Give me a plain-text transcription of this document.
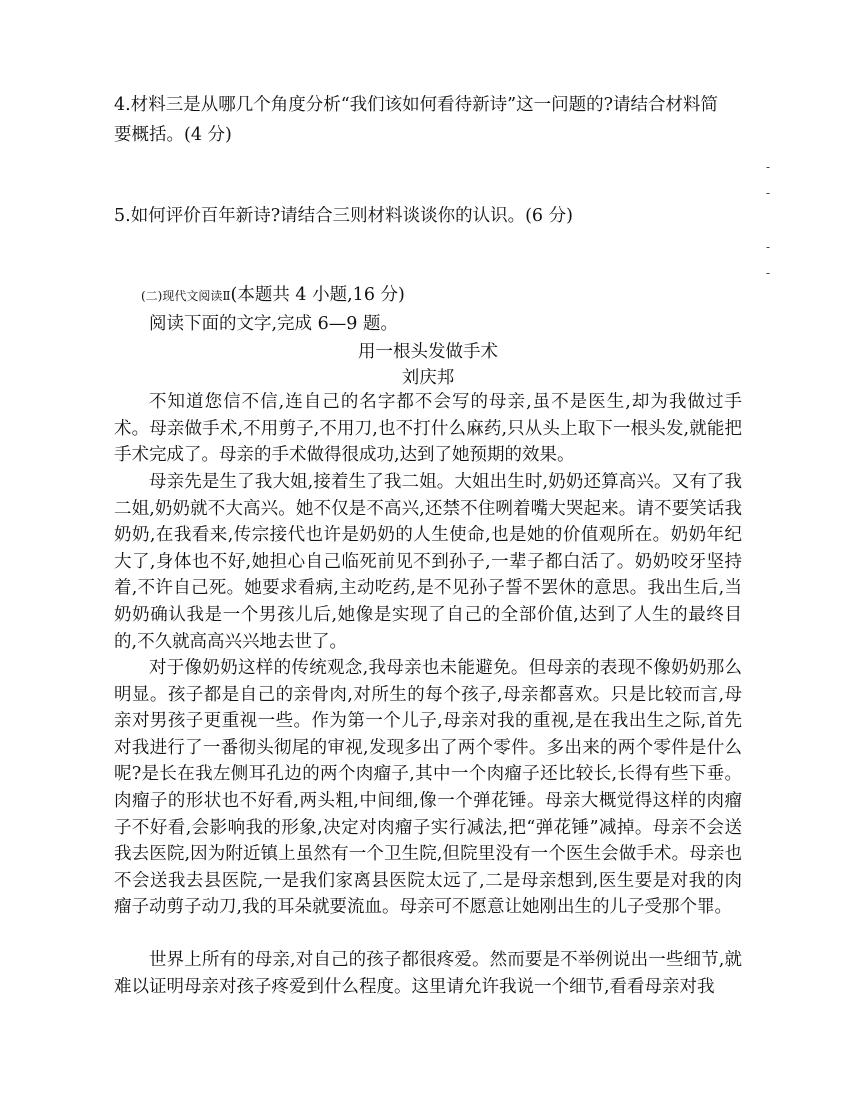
4.材料三是从哪几个角度分析“我们该如何看待新诗”这一问题的?请结合材料简
要概括。(4 分)
-
-
5.如何评价百年新诗?请结合三则材料谈谈你的认识。(6 分)
-
-
(二)现代文阅读Ⅱ(本题共 4 小题,16 分)
阅读下面的文字,完成 6—9 题。
用一根头发做手术
刘庆邦
不知道您信不信,连自己的名字都不会写的母亲,虽不是医生,却为我做过手术。母亲做手术,不用剪子,不用刀,也不打什么麻药,只从头上取下一根头发,就能把手术完成了。母亲的手术做得很成功,达到了她预期的效果。
母亲先是生了我大姐,接着生了我二姐。大姐出生时,奶奶还算高兴。又有了我二姐,奶奶就不大高兴。她不仅是不高兴,还禁不住咧着嘴大哭起来。请不要笑话我奶奶,在我看来,传宗接代也许是奶奶的人生使命,也是她的价值观所在。奶奶年纪大了,身体也不好,她担心自己临死前见不到孙子,一辈子都白活了。奶奶咬牙坚持着,不许自己死。她要求看病,主动吃药,是不见孙子誓不罢休的意思。我出生后,当奶奶确认我是一个男孩儿后,她像是实现了自己的全部价值,达到了人生的最终目的,不久就高高兴兴地去世了。
对于像奶奶这样的传统观念,我母亲也未能避免。但母亲的表现不像奶奶那么明显。孩子都是自己的亲骨肉,对所生的每个孩子,母亲都喜欢。只是比较而言,母亲对男孩子更重视一些。作为第一个儿子,母亲对我的重视,是在我出生之际,首先对我进行了一番彻头彻尾的审视,发现多出了两个零件。多出来的两个零件是什么呢?是长在我左侧耳孔边的两个肉瘤子,其中一个肉瘤子还比较长,长得有些下垂。肉瘤子的形状也不好看,两头粗,中间细,像一个弹花锤。母亲大概觉得这样的肉瘤子不好看,会影响我的形象,决定对肉瘤子实行减法,把“弹花锤”减掉。母亲不会送我去医院,因为附近镇上虽然有一个卫生院,但院里没有一个医生会做手术。母亲也不会送我去县医院,一是我们家离县医院太远了,二是母亲想到,医生要是对我的肉瘤子动剪子动刀,我的耳朵就要流血。母亲可不愿意让她刚出生的儿子受那个罪。
世界上所有的母亲,对自己的孩子都很疼爱。然而要是不举例说出一些细节,就难以证明母亲对孩子疼爱到什么程度。这里请允许我说一个细节,看看母亲对我
